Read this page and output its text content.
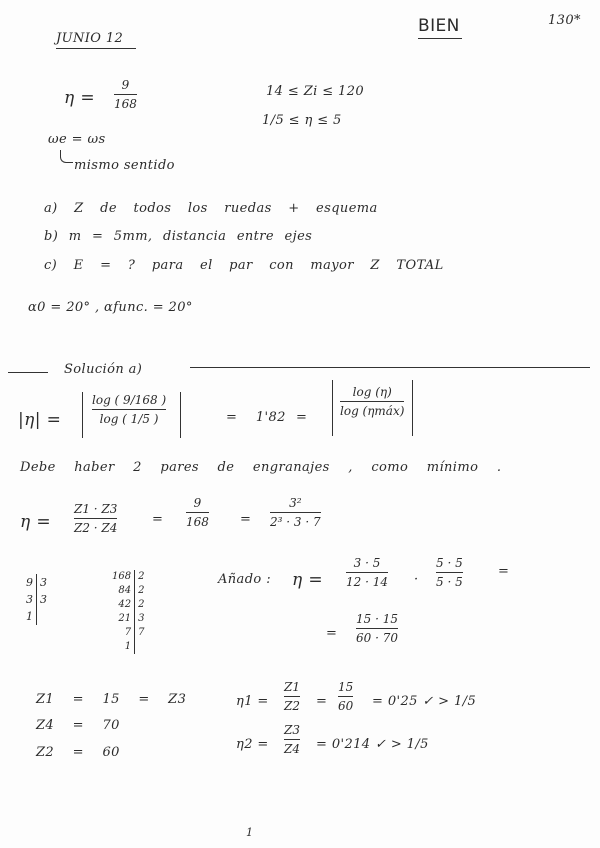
JUNIO 12
BIEN	130*
η =
9
168
14 ≤ Zi ≤ 120
1/5 ≤ η ≤ 5
ωe = ωs
mismo sentido
a) Z de todos los ruedas + esquema
b) m = 5mm, distancia entre ejes
c) E = ? para el par con mayor Z TOTAL
α0 = 20° , αfunc. = 20°
Solución a)
|η| =
log ( 9/168 )
log ( 1/5 )	= 1'82 =
log (η)
log (ηmáx)
Debe haber 2 pares de engranajes , como mínimo .
η =
Z1 · Z3
Z2 · Z4
=
9
168 =
3²
2³ · 3 · 7
9
3
1
3
3
168
84
42
21
7
1
2
2
2
3
7
Añado : η =
3 · 5
12 · 14 ·
5 · 5
5 · 5
=
=
15 · 15
60 · 70
Z1 = 15 = Z3
Z4 = 70
Z2 = 60
η1 =
Z1
Z2 =
15
60 = 0'25 ✓ > 1/5
η2 =
Z3
Z4 = 0'214 ✓ > 1/5
1
